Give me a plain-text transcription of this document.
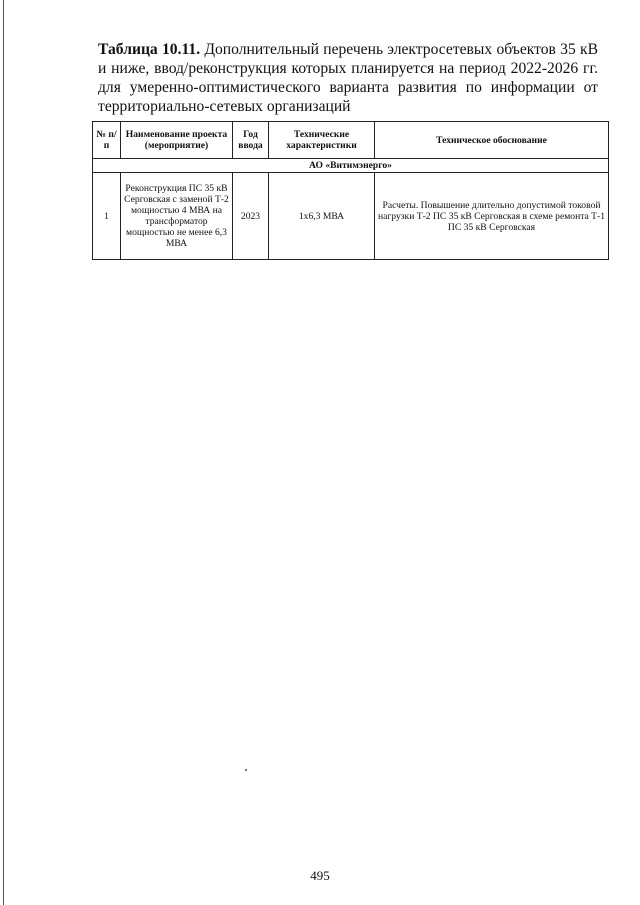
Таблица 10.11. Дополнительный перечень электросетевых объектов 35 кВ и ниже, ввод/реконструкция которых планируется на период 2022-2026 гг. для умеренно-оптимистического варианта развития по информации от территориально-сетевых организаций
№ п/п	Наименование проекта (мероприятие)	Год ввода	Технические характеристики	Техническое обоснование
АО «Витимэнерго»				
1	Реконструкция ПС 35 кВ Серговская с заменой Т-2 мощностью 4 МВА на трансформатор мощностью не менее 6,3 МВА	2023	1х6,3 МВА	Расчеты. Повышение длительно допустимой токовой нагрузки Т-2 ПС 35 кВ Серговская в схеме ремонта Т-1 ПС 35 кВ Серговская
495
